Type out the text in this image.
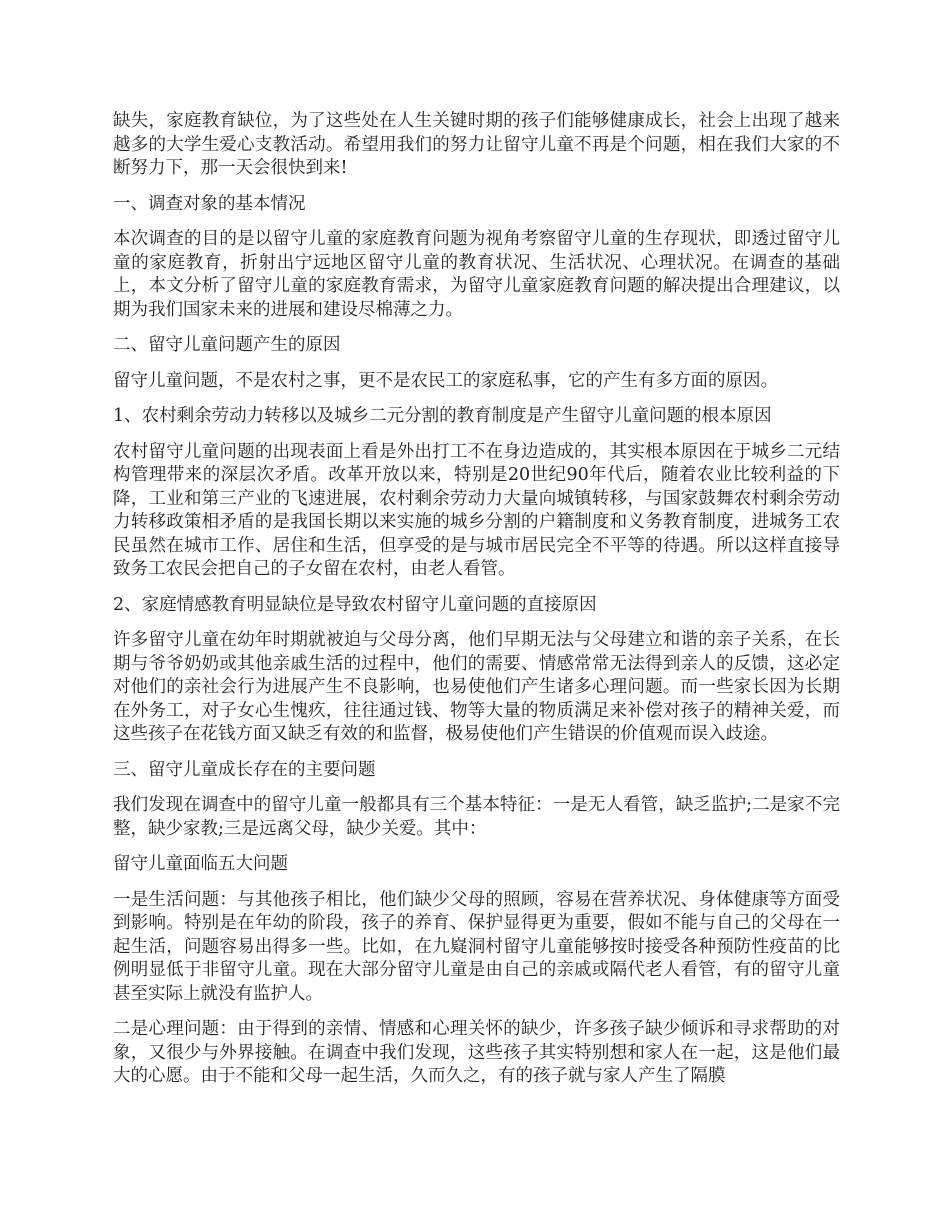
缺失，家庭教育缺位，为了这些处在人生关键时期的孩子们能够健康成长，社会上出现了越来越多的大学生爱心支教活动。希望用我们的努力让留守儿童不再是个问题，相在我们大家的不断努力下，那一天会很快到来!

一、调查对象的基本情况

本次调查的目的是以留守儿童的家庭教育问题为视角考察留守儿童的生存现状，即透过留守儿童的家庭教育，折射出宁远地区留守儿童的教育状况、生活状况、心理状况。在调查的基础上，本文分析了留守儿童的家庭教育需求，为留守儿童家庭教育问题的解决提出合理建议，以期为我们国家未来的进展和建设尽棉薄之力。

二、留守儿童问题产生的原因

留守儿童问题，不是农村之事，更不是农民工的家庭私事，它的产生有多方面的原因。

1、农村剩余劳动力转移以及城乡二元分割的教育制度是产生留守儿童问题的根本原因

农村留守儿童问题的出现表面上看是外出打工不在身边造成的，其实根本原因在于城乡二元结构管理带来的深层次矛盾。改革开放以来，特别是20世纪90年代后，随着农业比较利益的下降，工业和第三产业的飞速进展，农村剩余劳动力大量向城镇转移，与国家鼓舞农村剩余劳动力转移政策相矛盾的是我国长期以来实施的城乡分割的户籍制度和义务教育制度，进城务工农民虽然在城市工作、居住和生活，但享受的是与城市居民完全不平等的待遇。所以这样直接导致务工农民会把自己的子女留在农村，由老人看管。

2、家庭情感教育明显缺位是导致农村留守儿童问题的直接原因

许多留守儿童在幼年时期就被迫与父母分离，他们早期无法与父母建立和谐的亲子关系，在长期与爷爷奶奶或其他亲戚生活的过程中，他们的需要、情感常常无法得到亲人的反馈，这必定对他们的亲社会行为进展产生不良影响，也易使他们产生诸多心理问题。而一些家长因为长期在外务工，对子女心生愧疚，往往通过钱、物等大量的物质满足来补偿对孩子的精神关爱，而这些孩子在花钱方面又缺乏有效的和监督，极易使他们产生错误的价值观而误入歧途。

三、留守儿童成长存在的主要问题

我们发现在调查中的留守儿童一般都具有三个基本特征：一是无人看管，缺乏监护;二是家不完整，缺少家教;三是远离父母，缺少关爱。其中：

留守儿童面临五大问题

一是生活问题：与其他孩子相比，他们缺少父母的照顾，容易在营养状况、身体健康等方面受到影响。特别是在年幼的阶段，孩子的养育、保护显得更为重要，假如不能与自己的父母在一起生活，问题容易出得多一些。比如，在九嶷洞村留守儿童能够按时接受各种预防性疫苗的比例明显低于非留守儿童。现在大部分留守儿童是由自己的亲戚或隔代老人看管，有的留守儿童甚至实际上就没有监护人。

二是心理问题：由于得到的亲情、情感和心理关怀的缺少，许多孩子缺少倾诉和寻求帮助的对象，又很少与外界接触。在调查中我们发现，这些孩子其实特别想和家人在一起，这是他们最大的心愿。由于不能和父母一起生活，久而久之，有的孩子就与家人产生了隔膜
